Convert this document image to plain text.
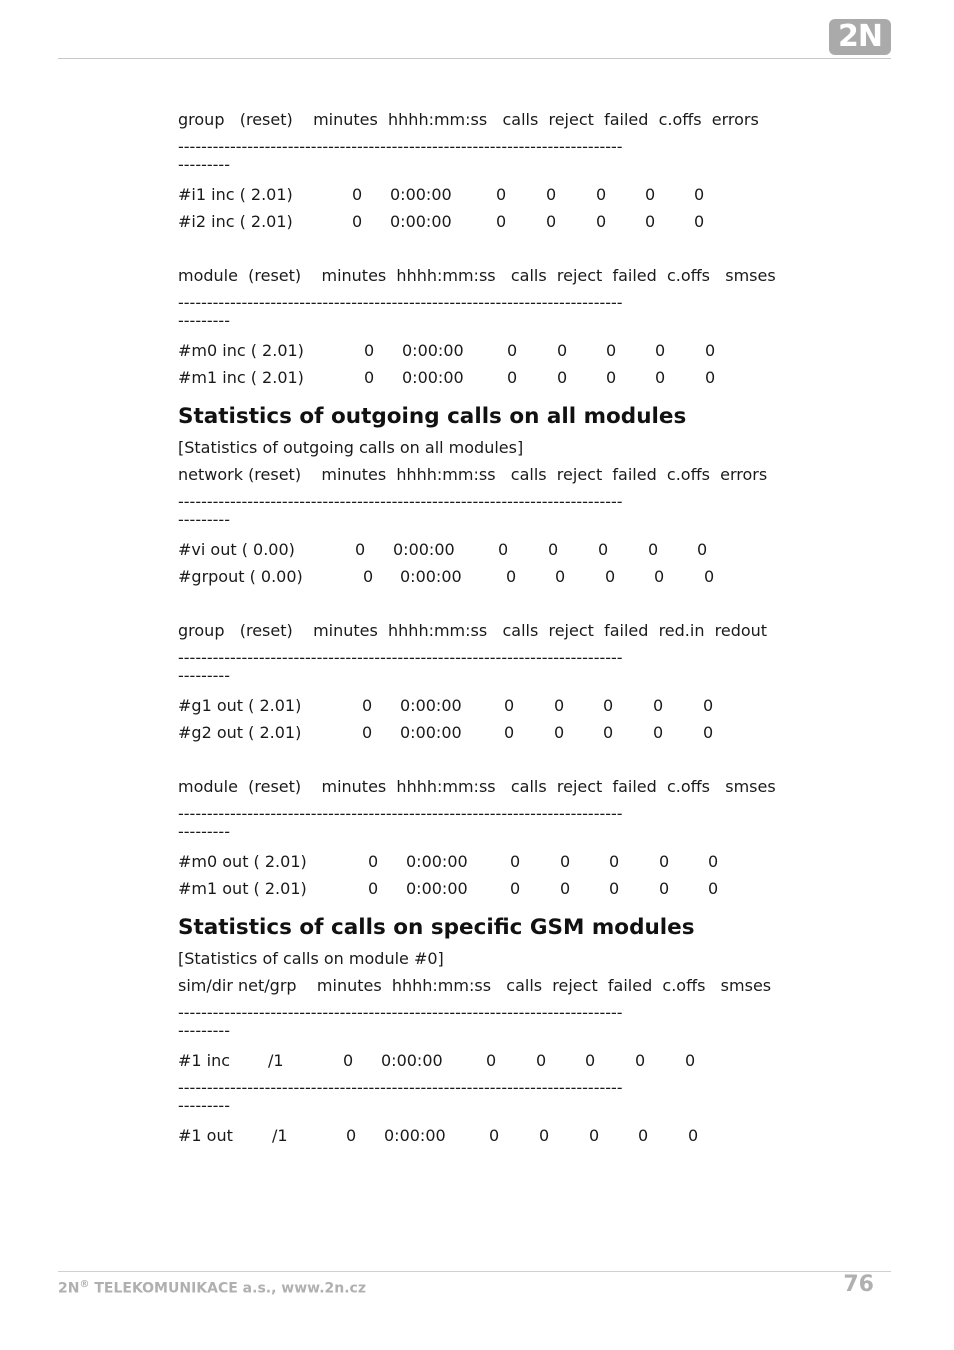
2N
group   (reset)    minutes  hhhh:mm:ss   calls  reject  failed  c.offs  errors
-----------------------------------------------------------------------------
---------
#i1 inc ( 2.01)	0 0:00:00	0 0 0 0 0
#i2 inc ( 2.01)	0 0:00:00	0 0 0 0 0
module  (reset)    minutes  hhhh:mm:ss   calls  reject  failed  c.offs   smses
-----------------------------------------------------------------------------
---------
#m0 inc ( 2.01)	0 0:00:00	0 0 0 0 0
#m1 inc ( 2.01)	0 0:00:00	0 0 0 0 0
Statistics of outgoing calls on all modules
[Statistics of outgoing calls on all modules]
network (reset)    minutes  hhhh:mm:ss   calls  reject  failed  c.offs  errors
-----------------------------------------------------------------------------
---------
#vi out ( 0.00)	0 0:00:00	0 0 0 0 0
#grpout ( 0.00)	0 0:00:00	0 0 0 0 0
group   (reset)    minutes  hhhh:mm:ss   calls  reject  failed  red.in  redout
-----------------------------------------------------------------------------
---------
#g1 out ( 2.01)	0 0:00:00	0 0 0 0 0
#g2 out ( 2.01)	0 0:00:00	0 0 0 0 0
module  (reset)    minutes  hhhh:mm:ss   calls  reject  failed  c.offs   smses
-----------------------------------------------------------------------------
---------
#m0 out ( 2.01)	0 0:00:00	0 0 0 0 0
#m1 out ( 2.01)	0 0:00:00	0 0 0 0 0
Statistics of calls on specific GSM modules
[Statistics of calls on module #0]
sim/dir net/grp    minutes  hhhh:mm:ss   calls  reject  failed  c.offs   smses
-----------------------------------------------------------------------------
---------
#1 inc /1	0 0:00:00	0 0 0 0 0
-----------------------------------------------------------------------------
---------
#1 out /1	0 0:00:00	0 0 0 0 0
2N® TELEKOMUNIKACE a.s., www.2n.cz	76
